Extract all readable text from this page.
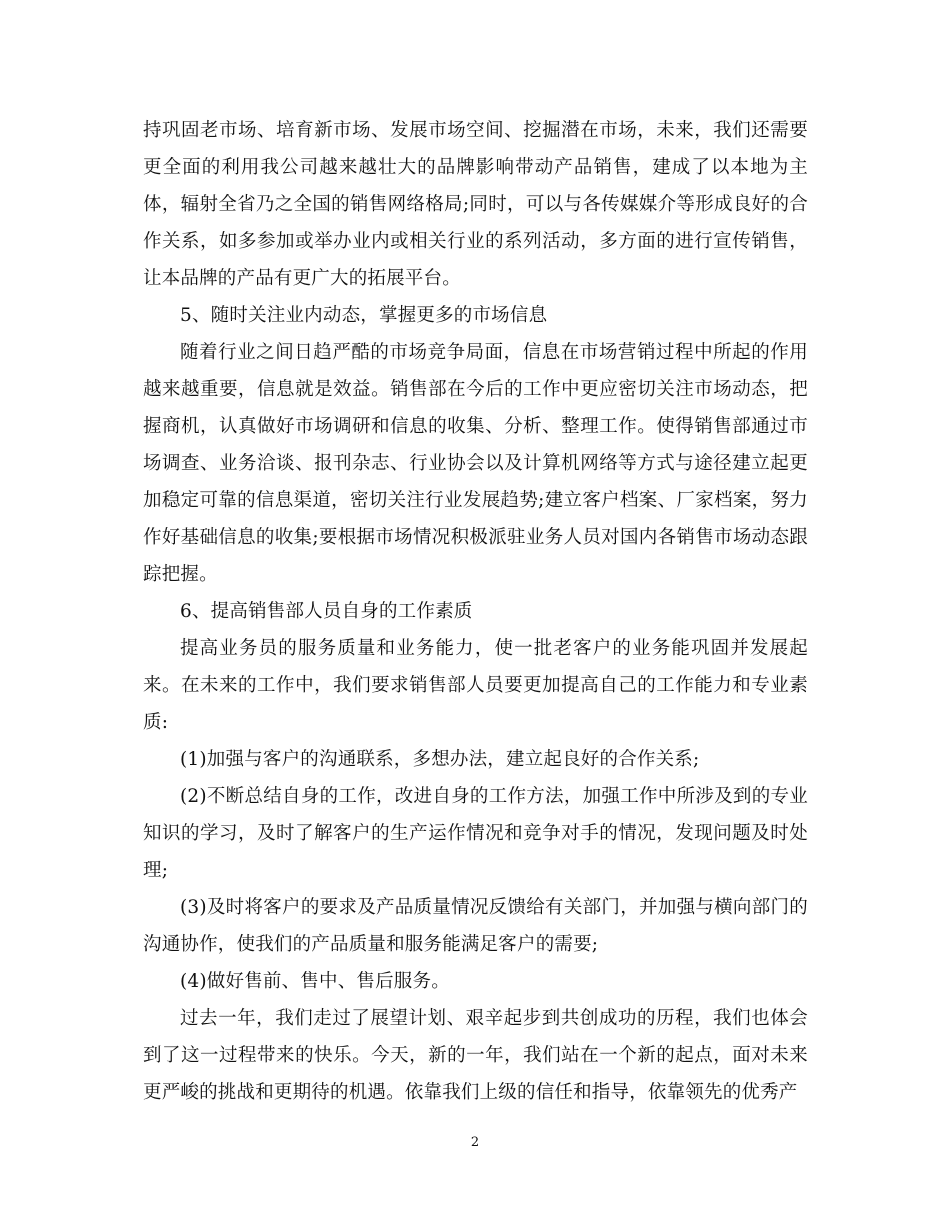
持巩固老市场、培育新市场、发展市场空间、挖掘潜在市场，未来，我们还需要更全面的利用我公司越来越壮大的品牌影响带动产品销售，建成了以本地为主体，辐射全省乃之全国的销售网络格局;同时，可以与各传媒媒介等形成良好的合作关系，如多参加或举办业内或相关行业的系列活动，多方面的进行宣传销售，让本品牌的产品有更广大的拓展平台。

5、随时关注业内动态，掌握更多的市场信息

随着行业之间日趋严酷的市场竞争局面，信息在市场营销过程中所起的作用越来越重要，信息就是效益。销售部在今后的工作中更应密切关注市场动态，把握商机，认真做好市场调研和信息的收集、分析、整理工作。使得销售部通过市场调查、业务洽谈、报刊杂志、行业协会以及计算机网络等方式与途径建立起更加稳定可靠的信息渠道，密切关注行业发展趋势;建立客户档案、厂家档案，努力作好基础信息的收集;要根据市场情况积极派驻业务人员对国内各销售市场动态跟踪把握。

6、提高销售部人员自身的工作素质

提高业务员的服务质量和业务能力，使一批老客户的业务能巩固并发展起来。在未来的工作中，我们要求销售部人员要更加提高自己的工作能力和专业素质:

(1)加强与客户的沟通联系，多想办法，建立起良好的合作关系;

(2)不断总结自身的工作，改进自身的工作方法，加强工作中所涉及到的专业知识的学习，及时了解客户的生产运作情况和竞争对手的情况，发现问题及时处理;

(3)及时将客户的要求及产品质量情况反馈给有关部门，并加强与横向部门的沟通协作，使我们的产品质量和服务能满足客户的需要;

(4)做好售前、售中、售后服务。

过去一年，我们走过了展望计划、艰辛起步到共创成功的历程，我们也体会到了这一过程带来的快乐。今天，新的一年，我们站在一个新的起点，面对未来更严峻的挑战和更期待的机遇。依靠我们上级的信任和指导，依靠领先的优秀产

2
